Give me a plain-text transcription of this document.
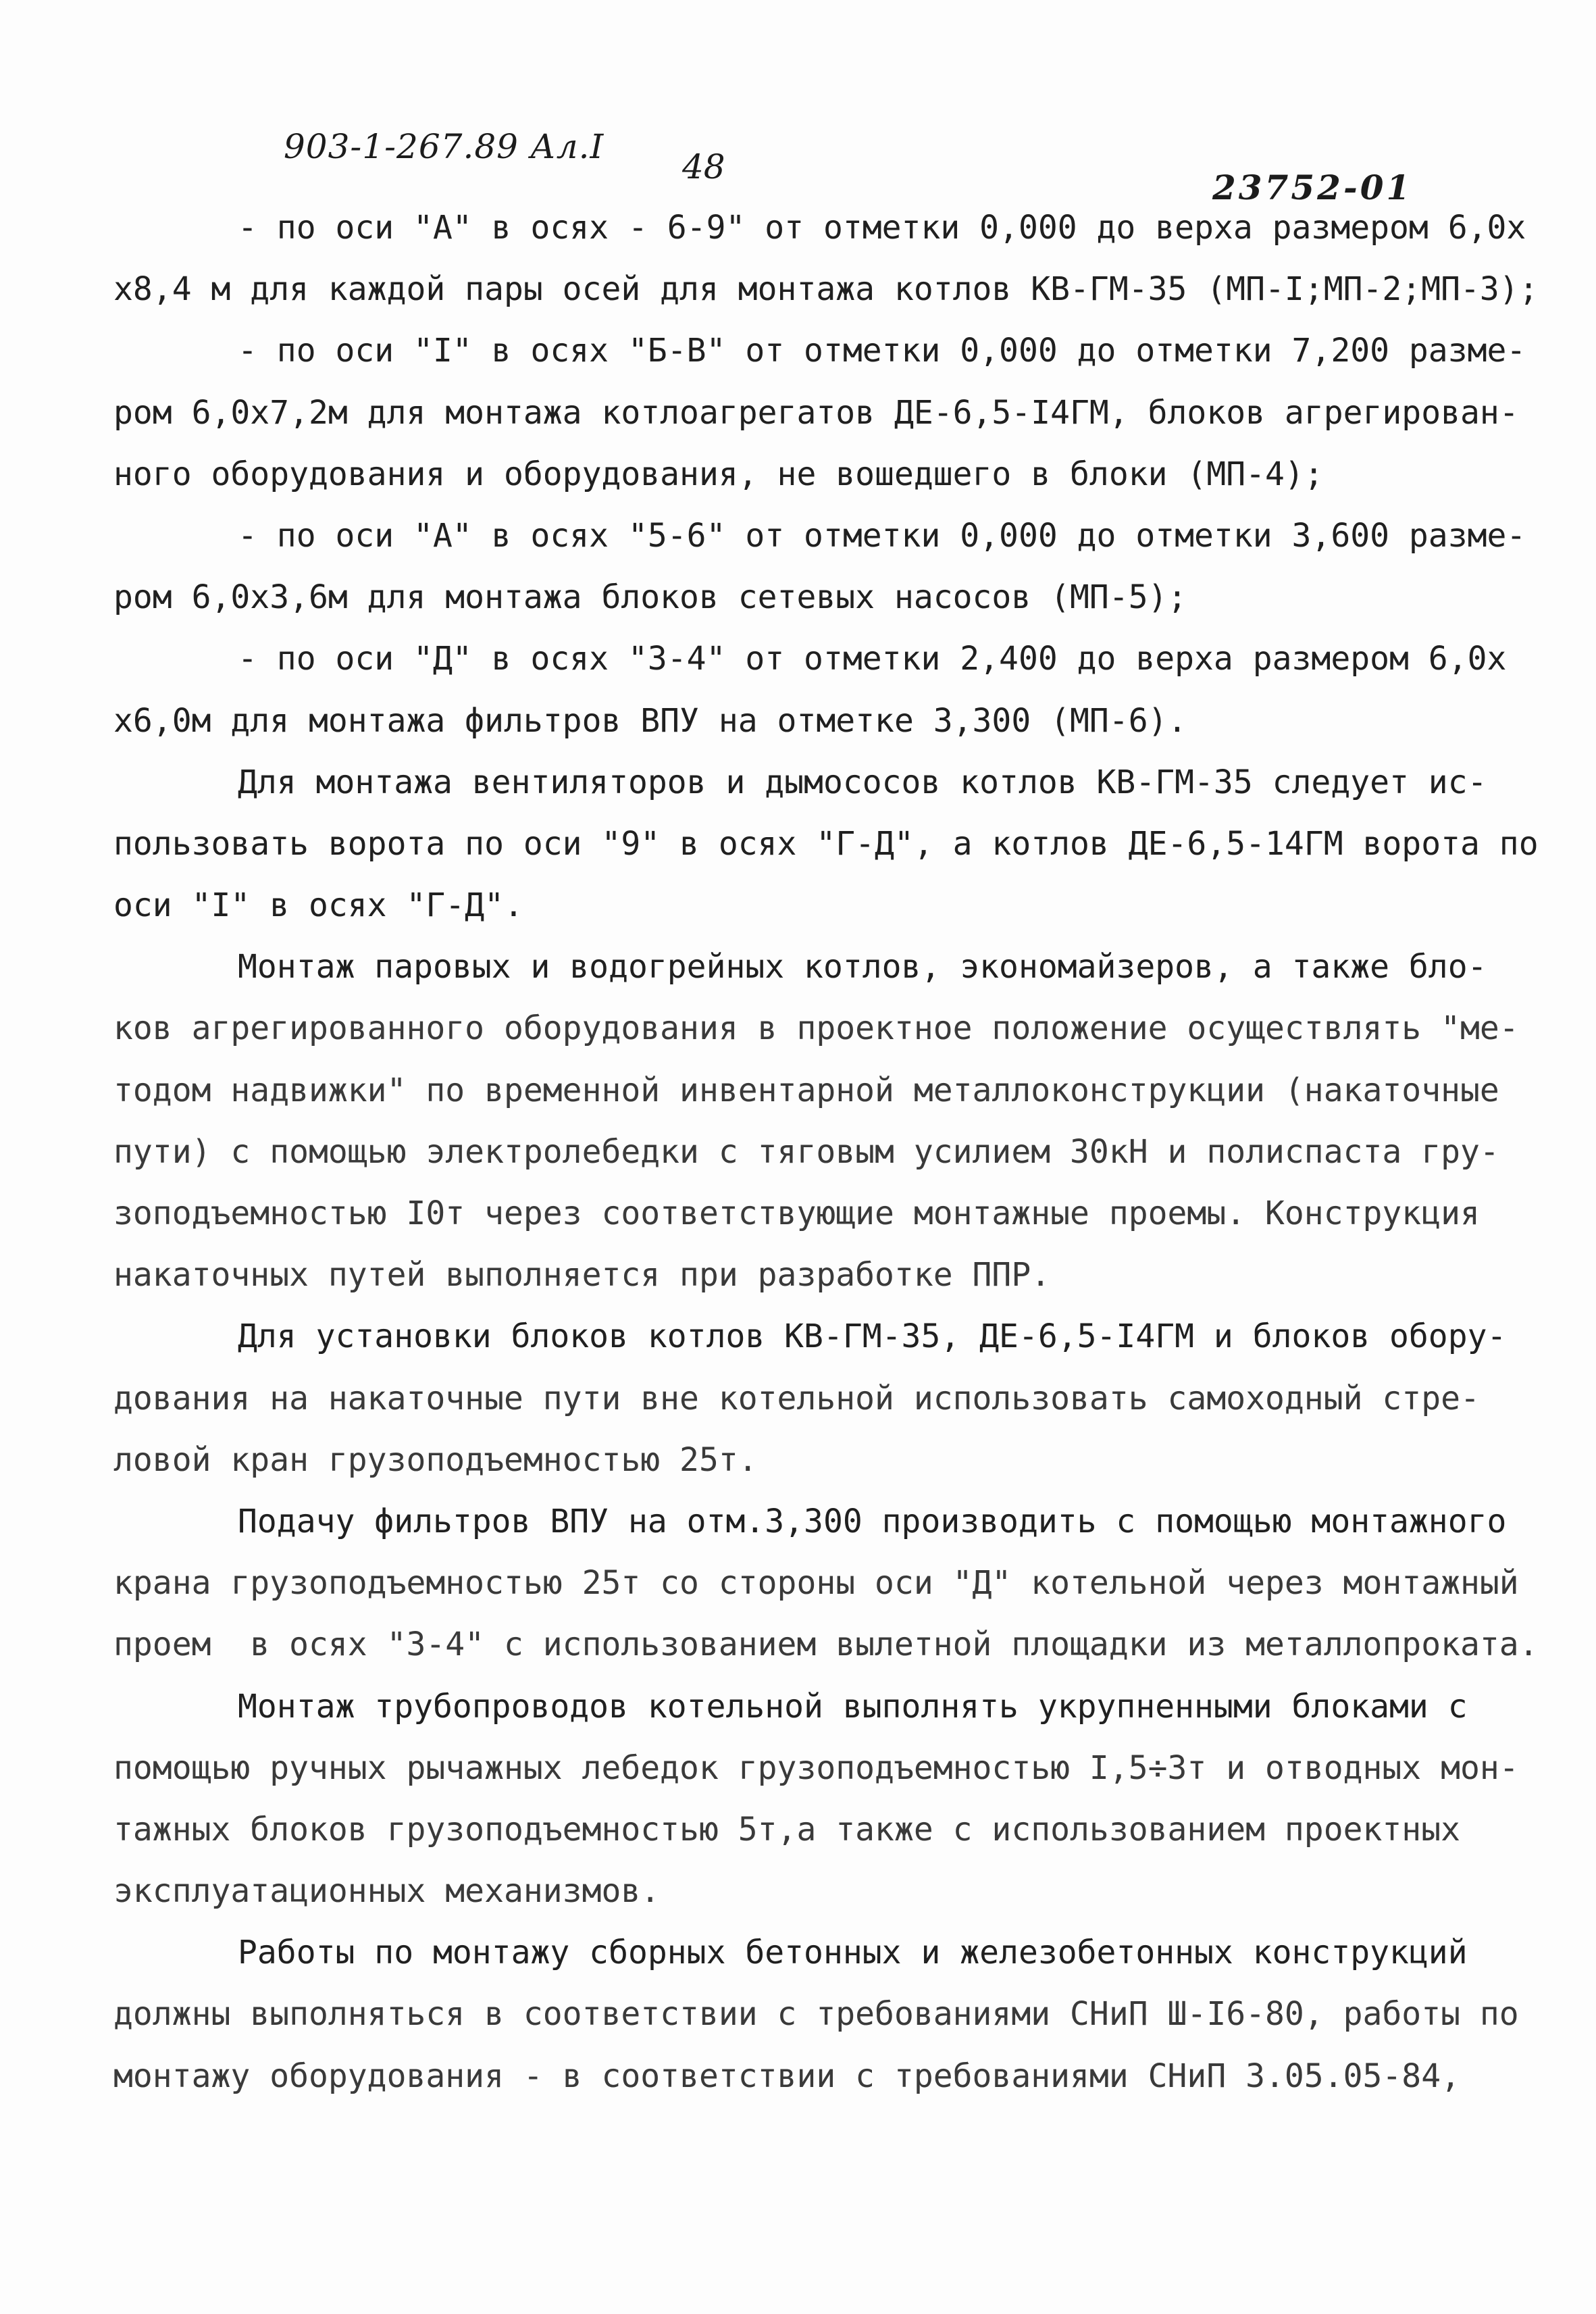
903-1-267.89 Ал.I
48
23752-01
- по оси "А" в осях - 6-9" от отметки 0,000 до верха размером 6,0х
х8,4 м для каждой пары осей для монтажа котлов КВ-ГМ-35 (МП-I;МП-2;МП-3);
- по оси "I" в осях "Б-В" от отметки 0,000 до отметки 7,200 разме-
ром 6,0х7,2м для монтажа котлоагрегатов ДЕ-6,5-I4ГМ, блоков агрегирован-
ного оборудования и оборудования, не вошедшего в блоки (МП-4);
- по оси "А" в осях "5-6" от отметки 0,000 до отметки 3,600 разме-
ром 6,0х3,6м для монтажа блоков сетевых насосов (МП-5);
- по оси "Д" в осях "3-4" от отметки 2,400 до верха размером 6,0х
х6,0м для монтажа фильтров ВПУ на отметке 3,300 (МП-6).
Для монтажа вентиляторов и дымососов котлов КВ-ГМ-35 следует ис-
пользовать ворота по оси "9" в осях "Г-Д", а котлов ДЕ-6,5-14ГМ ворота по
оси "I" в осях "Г-Д".
Монтаж паровых и водогрейных котлов, экономайзеров, а также бло-
ков агрегированного оборудования в проектное положение осуществлять "ме-
тодом надвижки" по временной инвентарной металлоконструкции (накаточные
пути) с помощью электролебедки с тяговым усилием 30кН и полиспаста гру-
зоподъемностью I0т через соответствующие монтажные проемы. Конструкция
накаточных путей выполняется при разработке ППР.
Для установки блоков котлов КВ-ГМ-35, ДЕ-6,5-I4ГМ и блоков обору-
дования на накаточные пути вне котельной использовать самоходный стре-
ловой кран грузоподъемностью 25т.
Подачу фильтров ВПУ на отм.3,300 производить с помощью монтажного
крана грузоподъемностью 25т со стороны оси "Д" котельной через монтажный
проем  в осях "3-4" с использованием вылетной площадки из металлопроката.
Монтаж трубопроводов котельной выполнять укрупненными блоками с
помощью ручных рычажных лебедок грузоподъемностью I,5÷3т и отводных мон-
тажных блоков грузоподъемностью 5т,а также с использованием проектных
эксплуатационных механизмов.
Работы по монтажу сборных бетонных и железобетонных конструкций
должны выполняться в соответствии с требованиями СНиП Ш-I6-80, работы по
монтажу оборудования - в соответствии с требованиями СНиП 3.05.05-84,
